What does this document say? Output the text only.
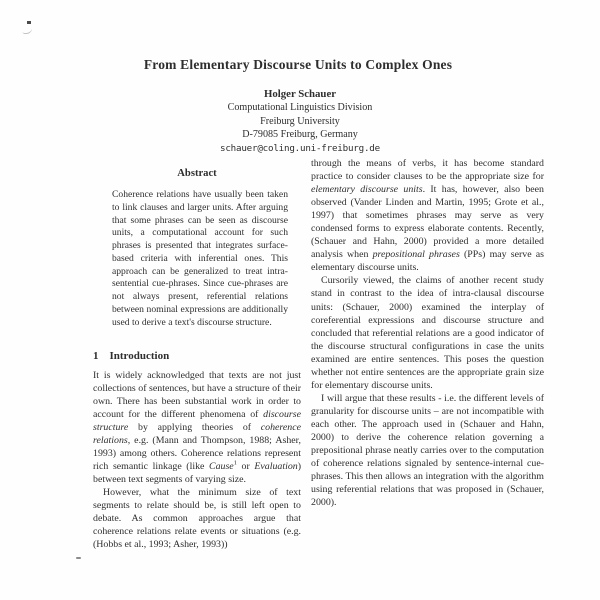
From Elementary Discourse Units to Complex Ones
Holger Schauer
Computational Linguistics Division
Freiburg University
D-79085 Freiburg, Germany
schauer@coling.uni-freiburg.de
Abstract

Coherence relations have usually been taken to link clauses and larger units. After arguing that some phrases can be seen as discourse units, a computational account for such phrases is presented that integrates surface-based criteria with inferential ones. This approach can be generalized to treat intra-sentential cue-phrases. Since cue-phrases are not always present, referential relations between nominal expressions are additionally used to derive a text's discourse structure.

1 Introduction

It is widely acknowledged that texts are not just collections of sentences, but have a structure of their own. There has been substantial work in order to account for the different phenomena of discourse structure by applying theories of coherence relations, e.g. (Mann and Thompson, 1988; Asher, 1993) among others. Coherence relations represent rich semantic linkage (like Cause$^1$ or Evaluation) between text segments of varying size.

However, what the minimum size of text segments to relate should be, is still left open to debate. As common approaches argue that coherence relations relate events or situations (e.g. (Hobbs et al., 1993; Asher, 1993))

through the means of verbs, it has become standard practice to consider clauses to be the appropriate size for elementary discourse units. It has, however, also been observed (Vander Linden and Martin, 1995; Grote et al., 1997) that sometimes phrases may serve as very condensed forms to express elaborate contents. Recently, (Schauer and Hahn, 2000) provided a more detailed analysis when prepositional phrases (PPs) may serve as elementary discourse units.

Cursorily viewed, the claims of another recent study stand in contrast to the idea of intra-clausal discourse units: (Schauer, 2000) examined the interplay of coreferential expressions and discourse structure and concluded that referential relations are a good indicator of the discourse structural configurations in case the units examined are entire sentences. This poses the question whether not entire sentences are the appropriate grain size for elementary discourse units.

I will argue that these results - i.e. the different levels of granularity for discourse units – are not incompatible with each other. The approach used in (Schauer and Hahn, 2000) to derive the coherence relation governing a prepositional phrase neatly carries over to the computation of coherence relations signaled by sentence-internal cue-phrases. This then allows an integration with the algorithm using referential relations that was proposed in (Schauer, 2000).
